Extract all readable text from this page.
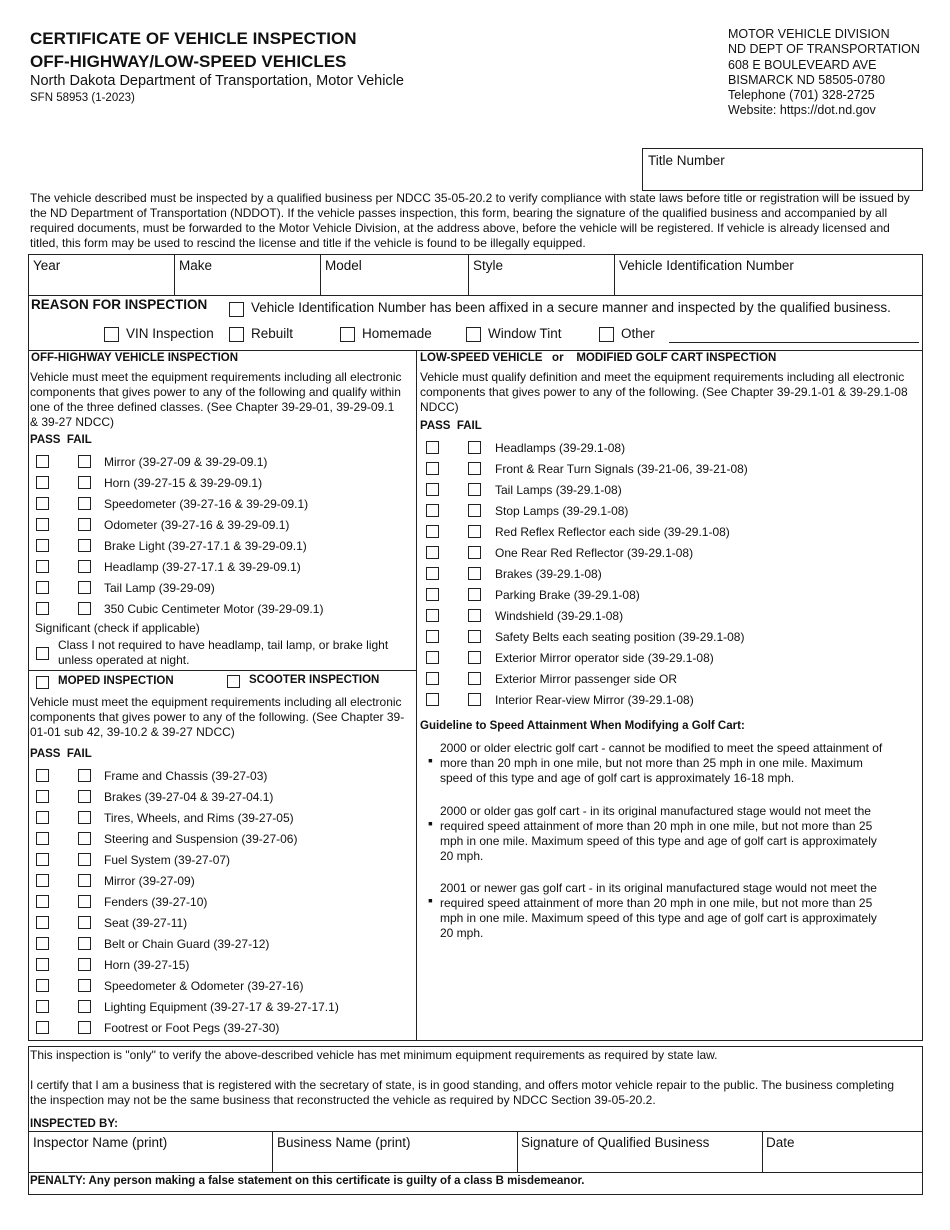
CERTIFICATE OF VEHICLE INSPECTION
OFF-HIGHWAY/LOW-SPEED VEHICLES
North Dakota Department of Transportation, Motor Vehicle
SFN 58953 (1-2023)
MOTOR VEHICLE DIVISION
ND DEPT OF TRANSPORTATION
608 E BOULEVEARD AVE
BISMARCK ND 58505-0780
Telephone (701) 328-2725
Website: https://dot.nd.gov
Title Number
The vehicle described must be inspected by a qualified business per NDCC 35-05-20.2 to verify compliance with state laws before title or registration will be issued by the ND Department of Transportation (NDDOT). If the vehicle passes inspection, this form, bearing the signature of the qualified business and accompanied by all required documents, must be forwarded to the Motor Vehicle Division, at the address above, before the vehicle will be registered. If vehicle is already licensed and titled, this form may be used to rescind the license and title if the vehicle is found to be illegally equipped.
Year	Make	Model	Style	Vehicle Identification Number
REASON FOR INSPECTION	Vehicle Identification Number has been affixed in a secure manner and inspected by the qualified business.
VIN Inspection	Rebuilt	Homemade	Window Tint	Other
OFF-HIGHWAY VEHICLE INSPECTION
Vehicle must meet the equipment requirements including all electronic components that gives power to any of the following and qualify within one of the three defined classes. (See Chapter 39-29-01, 39-29-09.1 & 39-27 NDCC)
PASS  FAIL
Mirror (39-27-09 & 39-29-09.1)
Horn (39-27-15 & 39-29-09.1)
Speedometer (39-27-16 & 39-29-09.1)
Odometer (39-27-16 & 39-29-09.1)
Brake Light (39-27-17.1 & 39-29-09.1)
Headlamp (39-27-17.1 & 39-29-09.1)
Tail Lamp (39-29-09)
350 Cubic Centimeter Motor (39-29-09.1)
Significant (check if applicable)
Class I not required to have headlamp, tail lamp, or brake light unless operated at night.
MOPED INSPECTION	SCOOTER INSPECTION
Vehicle must meet the equipment requirements including all electronic components that gives power to any of the following. (See Chapter 39-01-01 sub 42, 39-10.2 & 39-27 NDCC)
PASS  FAIL
Frame and Chassis (39-27-03)
Brakes (39-27-04 & 39-27-04.1)
Tires, Wheels, and Rims (39-27-05)
Steering and Suspension (39-27-06)
Fuel System (39-27-07)
Mirror (39-27-09)
Fenders (39-27-10)
Seat (39-27-11)
Belt or Chain Guard (39-27-12)
Horn (39-27-15)
Speedometer & Odometer (39-27-16)
Lighting Equipment (39-27-17 & 39-27-17.1)
Footrest or Foot Pegs (39-27-30)
LOW-SPEED VEHICLE or MODIFIED GOLF CART INSPECTION
Vehicle must qualify definition and meet the equipment requirements including all electronic components that gives power to any of the following. (See Chapter 39-29.1-01 & 39-29.1-08 NDCC)
PASS  FAIL
Headlamps (39-29.1-08)
Front & Rear Turn Signals (39-21-06, 39-21-08)
Tail Lamps (39-29.1-08)
Stop Lamps (39-29.1-08)
Red Reflex Reflector each side (39-29.1-08)
One Rear Red Reflector (39-29.1-08)
Brakes (39-29.1-08)
Parking Brake (39-29.1-08)
Windshield (39-29.1-08)
Safety Belts each seating position (39-29.1-08)
Exterior Mirror operator side (39-29.1-08)
Exterior Mirror passenger side OR
Interior Rear-view Mirror (39-29.1-08)
Guideline to Speed Attainment When Modifying a Golf Cart:
▪
2000 or older electric golf cart - cannot be modified to meet the speed attainment of more than 20 mph in one mile, but not more than 25 mph in one mile. Maximum speed of this type and age of golf cart is approximately 16-18 mph.
▪
2000 or older gas golf cart - in its original manufactured stage would not meet the required speed attainment of more than 20 mph in one mile, but not more than 25 mph in one mile. Maximum speed of this type and age of golf cart is approximately 20 mph.
▪
2001 or newer gas golf cart - in its original manufactured stage would not meet the required speed attainment of more than 20 mph in one mile, but not more than 25 mph in one mile. Maximum speed of this type and age of golf cart is approximately 20 mph.
This inspection is "only" to verify the above-described vehicle has met minimum equipment requirements as required by state law.
I certify that I am a business that is registered with the secretary of state, is in good standing, and offers motor vehicle repair to the public. The business completing the inspection may not be the same business that reconstructed the vehicle as required by NDCC Section 39-05-20.2.
INSPECTED BY:
Inspector Name (print)	Business Name (print)	Signature of Qualified Business	Date
PENALTY: Any person making a false statement on this certificate is guilty of a class B misdemeanor.
